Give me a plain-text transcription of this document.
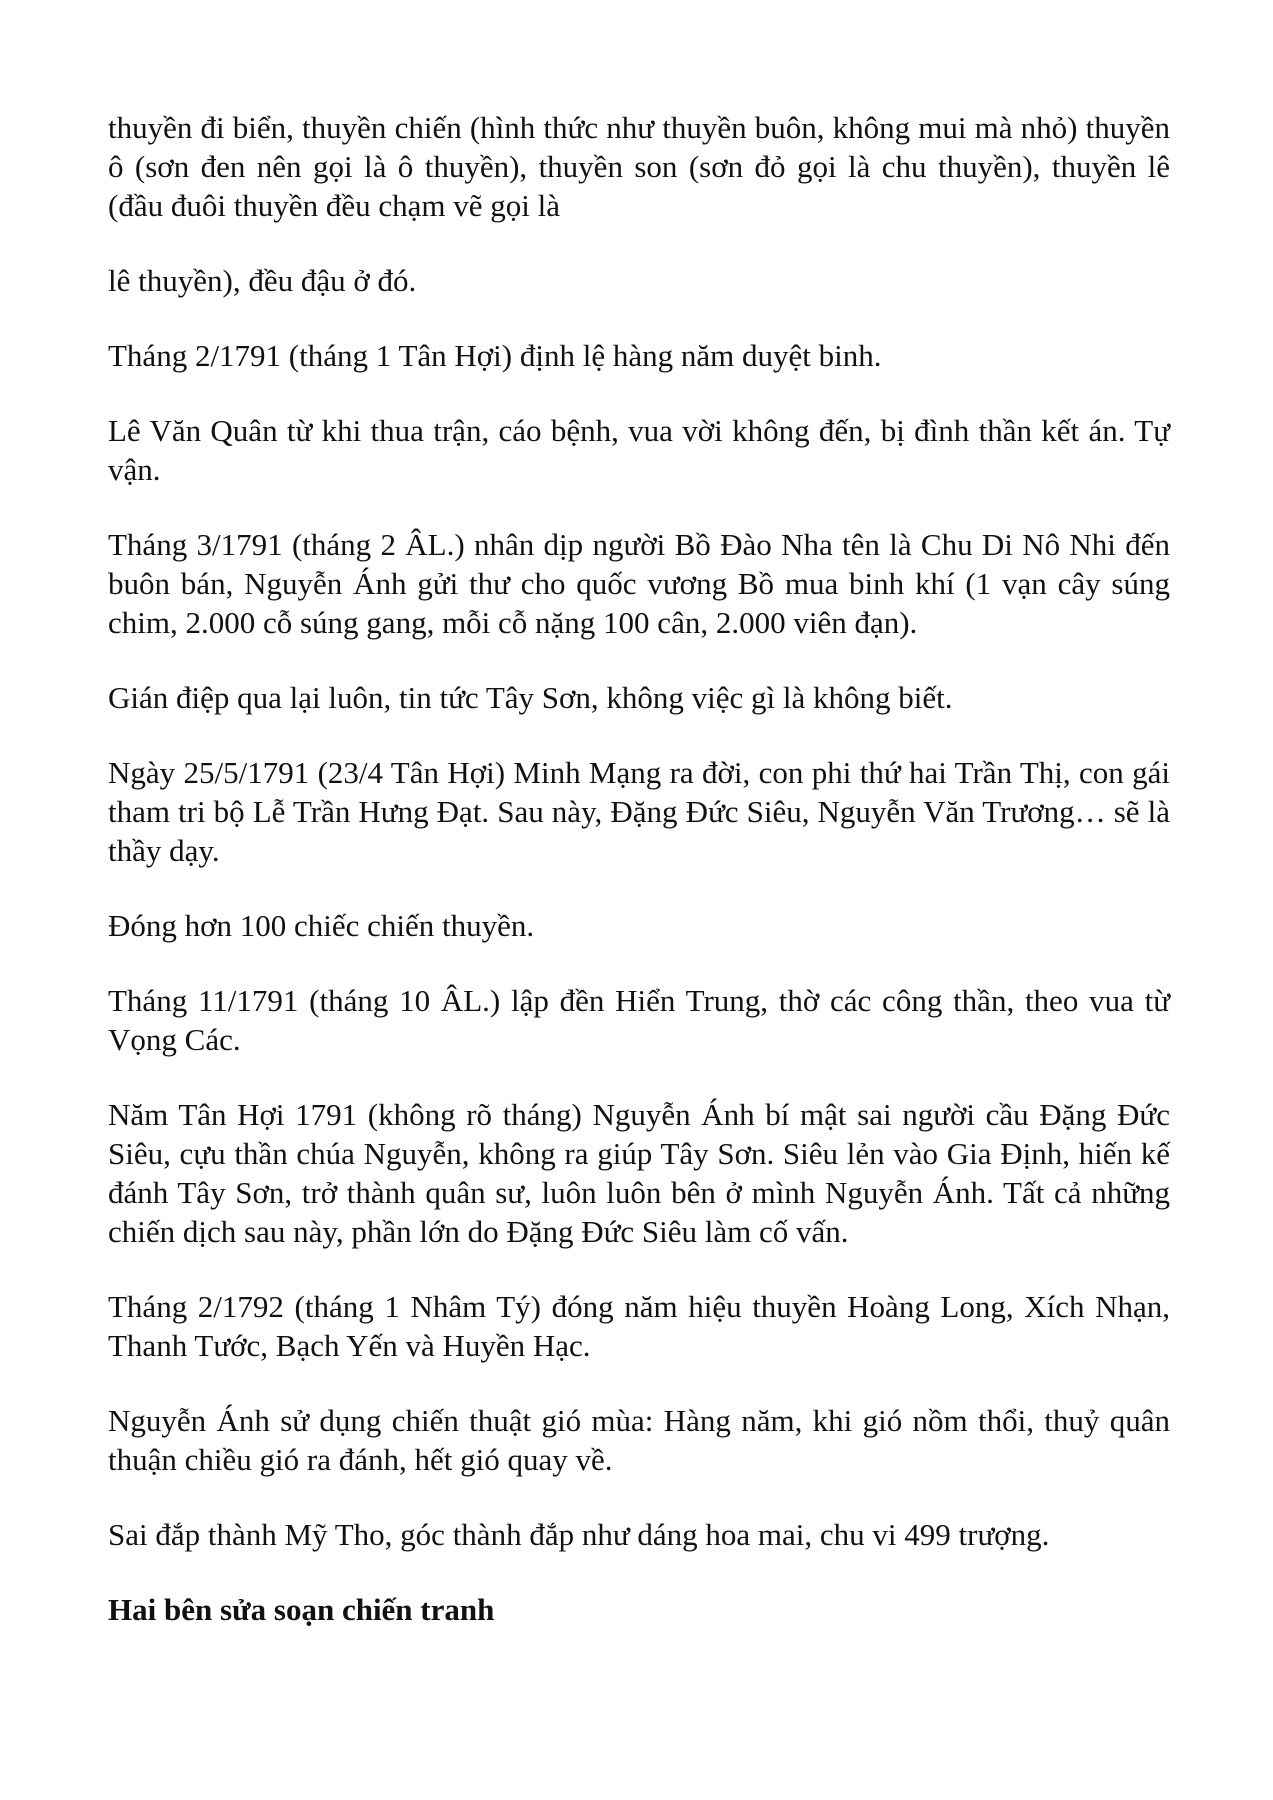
thuyền đi biển, thuyền chiến (hình thức như thuyền buôn, không mui mà nhỏ) thuyền ô (sơn đen nên gọi là ô thuyền), thuyền son (sơn đỏ gọi là chu thuyền), thuyền lê (đầu đuôi thuyền đều chạm vẽ gọi là

lê thuyền), đều đậu ở đó.

Tháng 2/1791 (tháng 1 Tân Hợi) định lệ hàng năm duyệt binh.

Lê Văn Quân từ khi thua trận, cáo bệnh, vua vời không đến, bị đình thần kết án. Tự vận.

Tháng 3/1791 (tháng 2 ÂL.) nhân dịp người Bồ Đào Nha tên là Chu Di Nô Nhi đến buôn bán, Nguyễn Ánh gửi thư cho quốc vương Bồ mua binh khí (1 vạn cây súng chim, 2.000 cỗ súng gang, mỗi cỗ nặng 100 cân, 2.000 viên đạn).

Gián điệp qua lại luôn, tin tức Tây Sơn, không việc gì là không biết.

Ngày 25/5/1791 (23/4 Tân Hợi) Minh Mạng ra đời, con phi thứ hai Trần Thị, con gái tham tri bộ Lễ Trần Hưng Đạt. Sau này, Đặng Đức Siêu, Nguyễn Văn Trương… sẽ là thầy dạy.

Đóng hơn 100 chiếc chiến thuyền.

Tháng 11/1791 (tháng 10 ÂL.) lập đền Hiển Trung, thờ các công thần, theo vua từ Vọng Các.

Năm Tân Hợi 1791 (không rõ tháng) Nguyễn Ánh bí mật sai người cầu Đặng Đức Siêu, cựu thần chúa Nguyễn, không ra giúp Tây Sơn. Siêu lẻn vào Gia Định, hiến kế đánh Tây Sơn, trở thành quân sư, luôn luôn bên ở mình Nguyễn Ánh. Tất cả những chiến dịch sau này, phần lớn do Đặng Đức Siêu làm cố vấn.

Tháng 2/1792 (tháng 1 Nhâm Tý) đóng năm hiệu thuyền Hoàng Long, Xích Nhạn, Thanh Tước, Bạch Yến và Huyền Hạc.

Nguyễn Ánh sử dụng chiến thuật gió mùa: Hàng năm, khi gió nồm thổi, thuỷ quân thuận chiều gió ra đánh, hết gió quay về.

Sai đắp thành Mỹ Tho, góc thành đắp như dáng hoa mai, chu vi 499 trượng.

Hai bên sửa soạn chiến tranh
